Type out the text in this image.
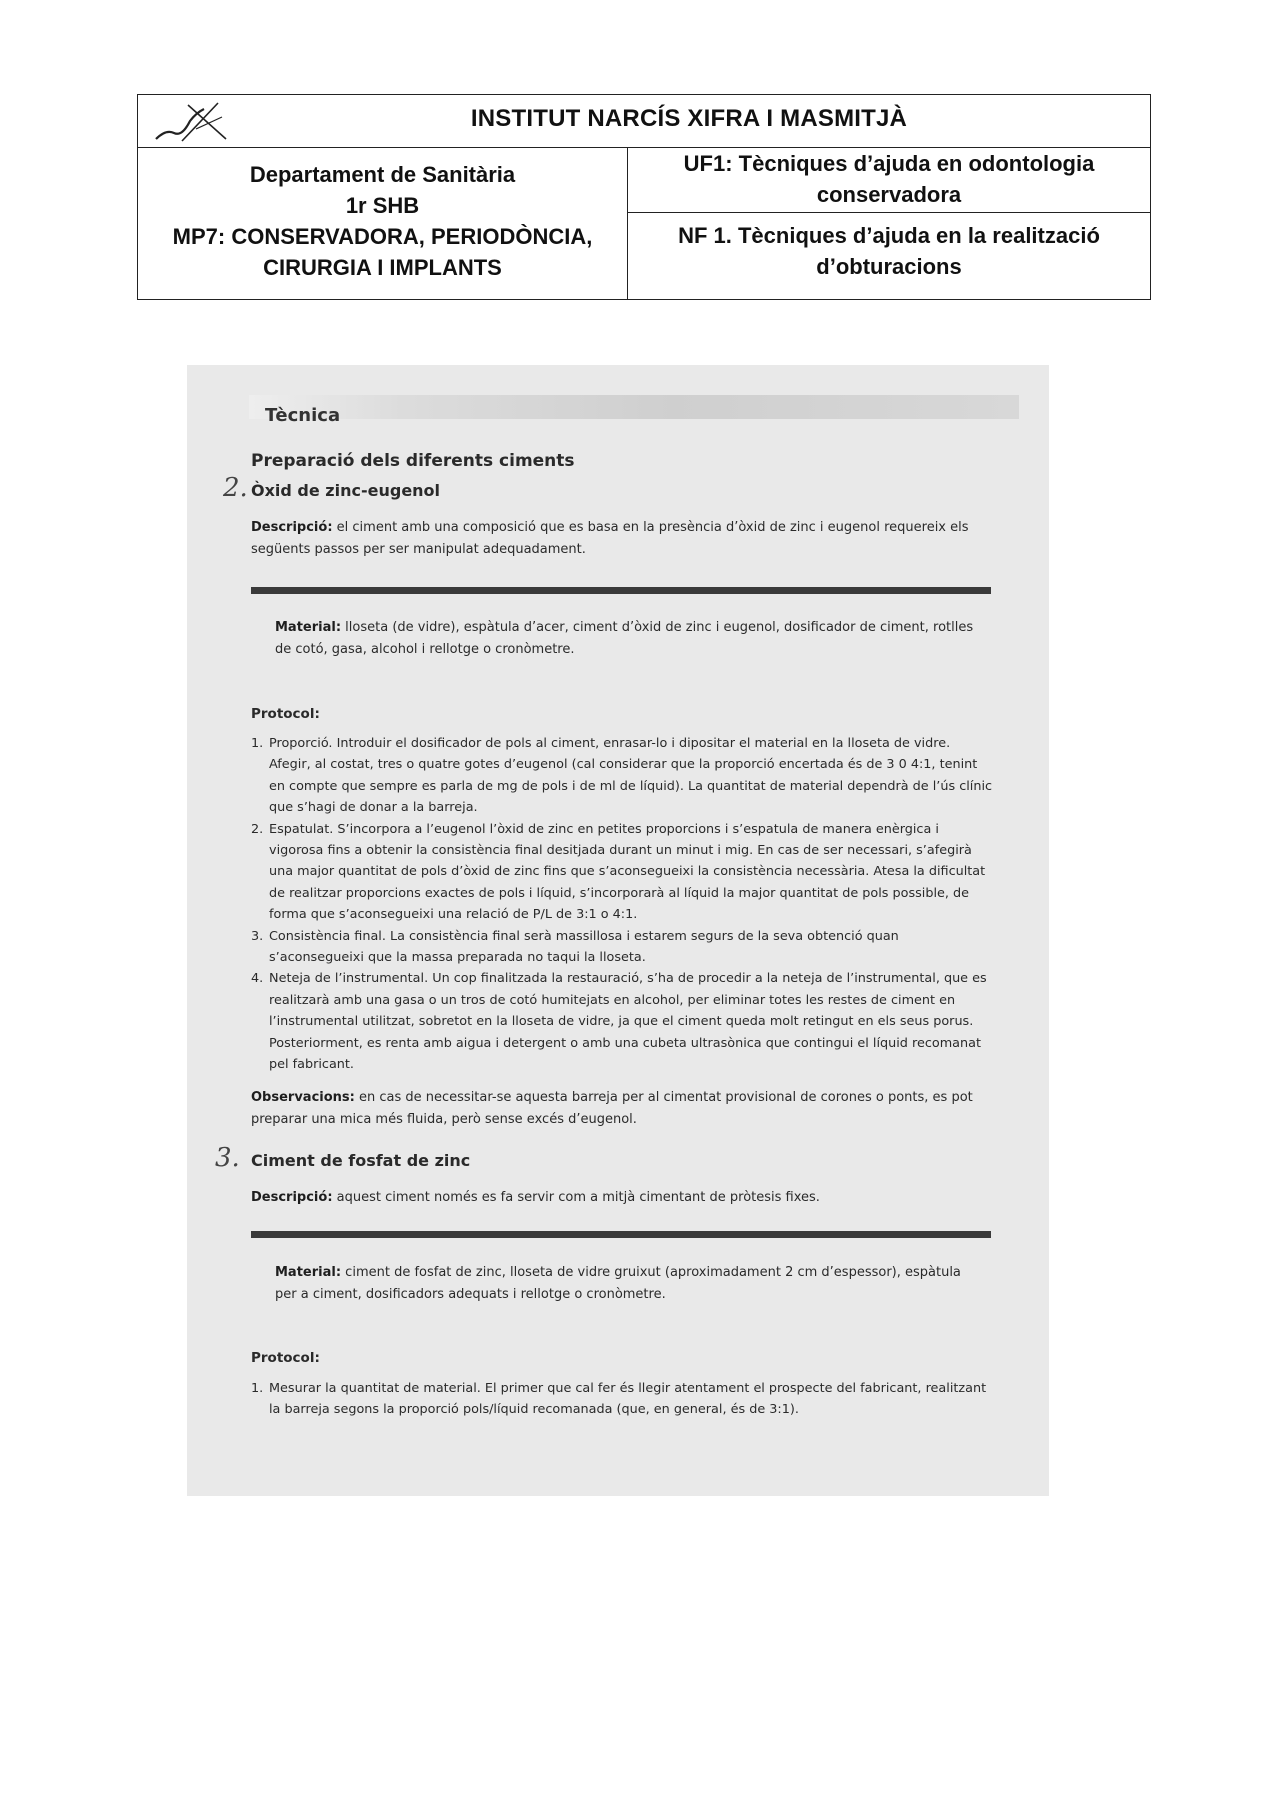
INSTITUT NARCÍS XIFRA I MASMITJÀ
Departament de Sanitària
1r SHB
MP7: CONSERVADORA, PERIODÒNCIA,
CIRURGIA I IMPLANTS
UF1: Tècniques d’ajuda en odontologia
conservadora
NF 1. Tècniques d’ajuda en la realització
d’obturacions
Tècnica
Preparació dels diferents ciments
2. Òxid de zinc-eugenol
Descripció: el ciment amb una composició que es basa en la presència d’òxid de zinc i eugenol requereix els següents passos per ser manipulat adequadament.
Material: lloseta (de vidre), espàtula d’acer, ciment d’òxid de zinc i eugenol, dosificador de ciment, rotlles de cotó, gasa, alcohol i rellotge o cronòmetre.
Protocol:
1. Proporció. Introduir el dosificador de pols al ciment, enrasar-lo i dipositar el material en la lloseta de vidre. Afegir, al costat, tres o quatre gotes d’eugenol (cal considerar que la proporció encertada és de 3 0 4:1, tenint en compte que sempre es parla de mg de pols i de ml de líquid). La quantitat de material dependrà de l’ús clínic que s’hagi de donar a la barreja.
2. Espatulat. S’incorpora a l’eugenol l’òxid de zinc en petites proporcions i s’espatula de manera enèrgica i vigorosa fins a obtenir la consistència final desitjada durant un minut i mig. En cas de ser necessari, s’afegirà una major quantitat de pols d’òxid de zinc fins que s’aconsegueixi la consistència necessària. Atesa la dificultat de realitzar proporcions exactes de pols i líquid, s’incorporarà al líquid la major quantitat de pols possible, de forma que s’aconsegueixi una relació de P/L de 3:1 o 4:1.
3. Consistència final. La consistència final serà massillosa i estarem segurs de la seva obtenció quan s’aconsegueixi que la massa preparada no taqui la lloseta.
4. Neteja de l’instrumental. Un cop finalitzada la restauració, s’ha de procedir a la neteja de l’instrumental, que es realitzarà amb una gasa o un tros de cotó humitejats en alcohol, per eliminar totes les restes de ciment en l’instrumental utilitzat, sobretot en la lloseta de vidre, ja que el ciment queda molt retingut en els seus porus. Posteriorment, es renta amb aigua i detergent o amb una cubeta ultrasònica que contingui el líquid recomanat pel fabricant.
Observacions: en cas de necessitar-se aquesta barreja per al cimentat provisional de corones o ponts, es pot preparar una mica més fluida, però sense excés d’eugenol.
3. Ciment de fosfat de zinc
Descripció: aquest ciment només es fa servir com a mitjà cimentant de pròtesis fixes.
Material: ciment de fosfat de zinc, lloseta de vidre gruixut (aproximadament 2 cm d’espessor), espàtula per a ciment, dosificadors adequats i rellotge o cronòmetre.
Protocol:
1. Mesurar la quantitat de material. El primer que cal fer és llegir atentament el prospecte del fabricant, realitzant la barreja segons la proporció pols/líquid recomanada (que, en general, és de 3:1).
